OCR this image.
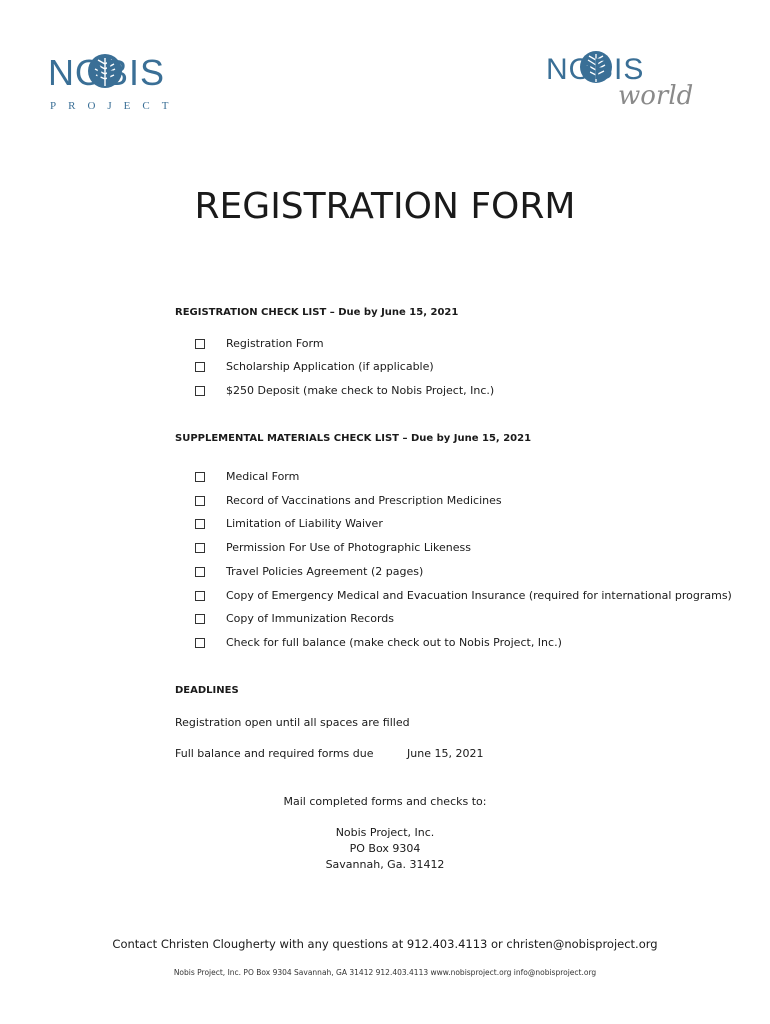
NOBIS
PROJECT
NOBIS
world
REGISTRATION FORM
REGISTRATION CHECK LIST – Due by June 15, 2021
Registration Form
Scholarship Application (if applicable)
$250 Deposit (make check to Nobis Project, Inc.)
SUPPLEMENTAL MATERIALS CHECK LIST – Due by June 15, 2021
Medical Form
Record of Vaccinations and Prescription Medicines
Limitation of Liability Waiver
Permission For Use of Photographic Likeness
Travel Policies Agreement (2 pages)
Copy of Emergency Medical and Evacuation Insurance (required for international programs)
Copy of Immunization Records
Check for full balance (make check out to Nobis Project, Inc.)
DEADLINES
Registration open until all spaces are filled
Full balance and required forms due	June 15, 2021
Mail completed forms and checks to:
Nobis Project, Inc.
PO Box 9304
Savannah, Ga. 31412
Contact Christen Clougherty with any questions at 912.403.4113 or christen@nobisproject.org
Nobis Project, Inc. PO Box 9304 Savannah, GA 31412 912.403.4113 www.nobisproject.org info@nobisproject.org
